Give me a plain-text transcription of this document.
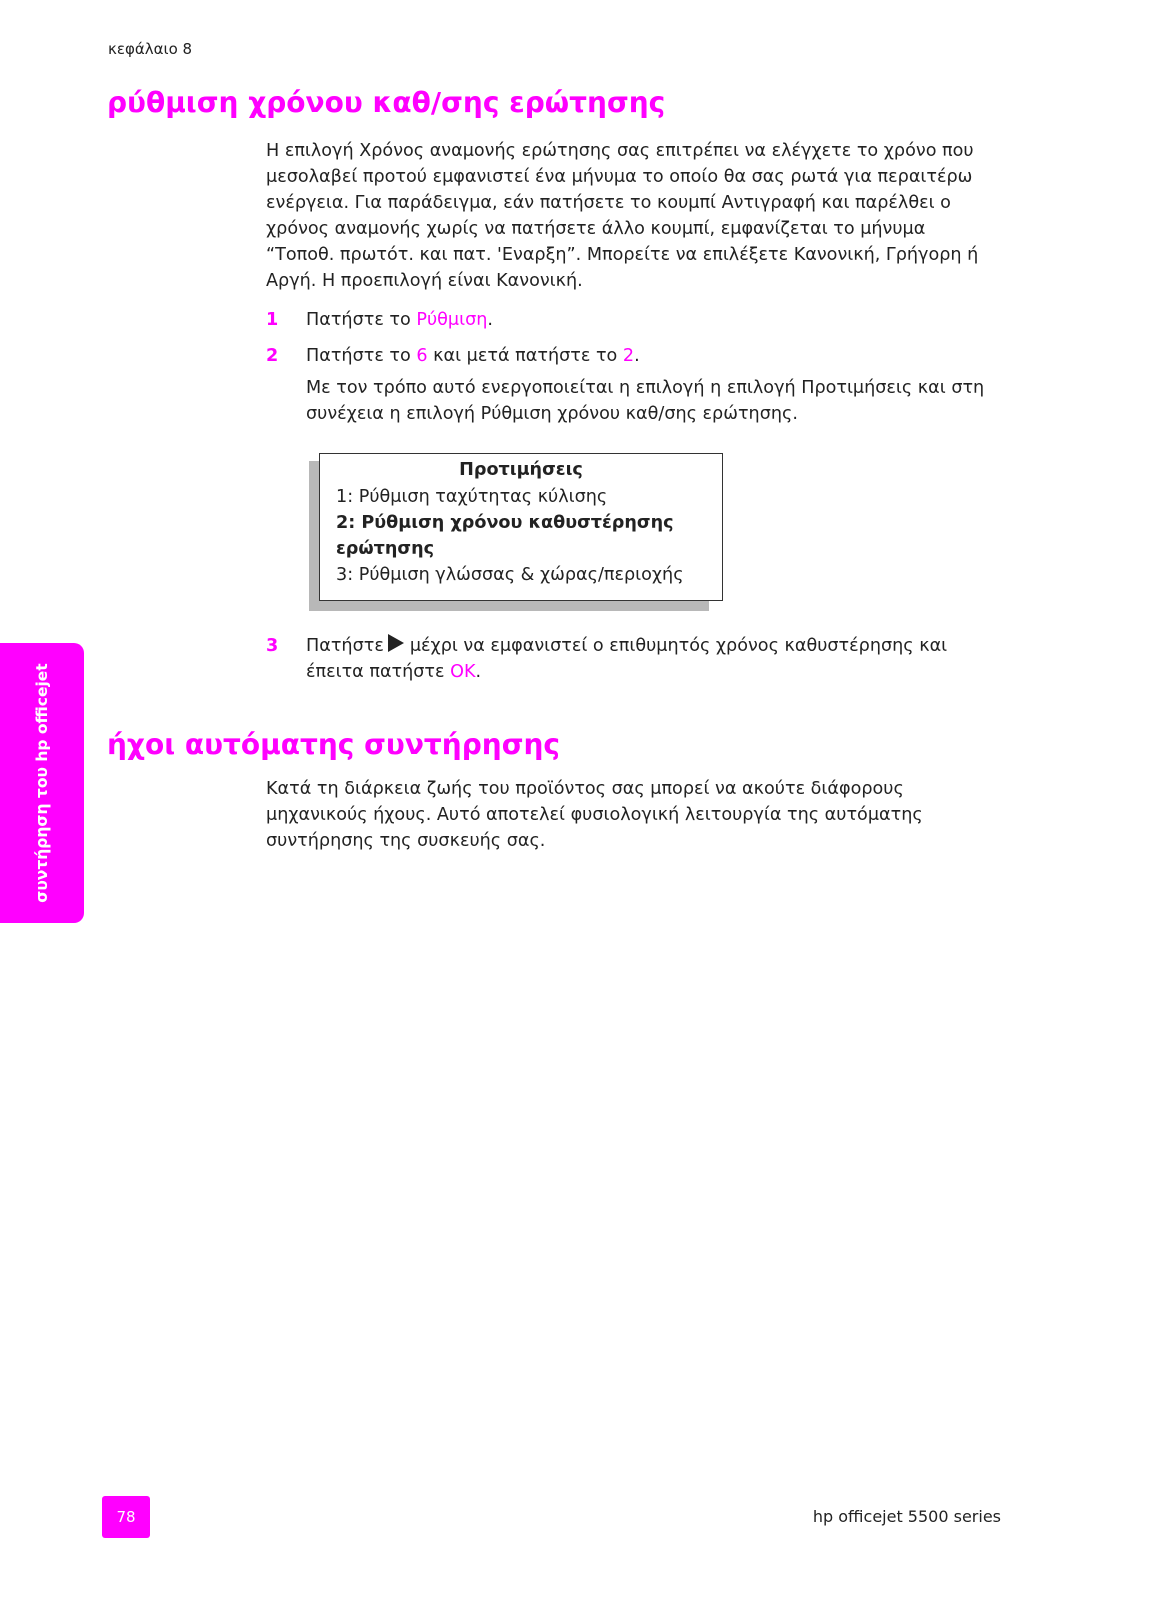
κεφάλαιο 8
ρύθμιση χρόνου καθ/σης ερώτησης

Η επιλογή Χρόνος αναμονής ερώτησης σας επιτρέπει να ελέγχετε το χρόνο που
μεσολαβεί προτού εμφανιστεί ένα μήνυμα το οποίο θα σας ρωτά για περαιτέρω
ενέργεια. Για παράδειγμα, εάν πατήσετε το κουμπί Αντιγραφή και παρέλθει ο
χρόνος αναμονής χωρίς να πατήσετε άλλο κουμπί, εμφανίζεται το μήνυμα
“Τοποθ. πρωτότ. και πατ. 'Εναρξη”. Μπορείτε να επιλέξετε Κανονική, Γρήγορη ή
Αργή. Η προεπιλογή είναι Κανονική.

1 Πατήστε το Ρύθμιση.
2 Πατήστε το 6 και μετά πατήστε το 2.

Με τον τρόπο αυτό ενεργοποιείται η επιλογή η επιλογή Προτιμήσεις και στη
συνέχεια η επιλογή Ρύθμιση χρόνου καθ/σης ερώτησης.

Προτιμήσεις
1: Ρύθμιση ταχύτητας κύλισης
2: Ρύθμιση χρόνου καθυστέρησης
ερώτησης
3: Ρύθμιση γλώσσας & χώρας/περιοχής
3 Πατήστε μέχρι να εμφανιστεί ο επιθυμητός χρόνος καθυστέρησης και
έπειτα πατήστε OK.
ήχοι αυτόματης συντήρησης

Κατά τη διάρκεια ζωής του προϊόντος σας μπορεί να ακούτε διάφορους
μηχανικούς ήχους. Αυτό αποτελεί φυσιολογική λειτουργία της αυτόματης
συντήρησης της συσκευής σας.

συντήρηση του hp officejet
78	hp officejet 5500 series
